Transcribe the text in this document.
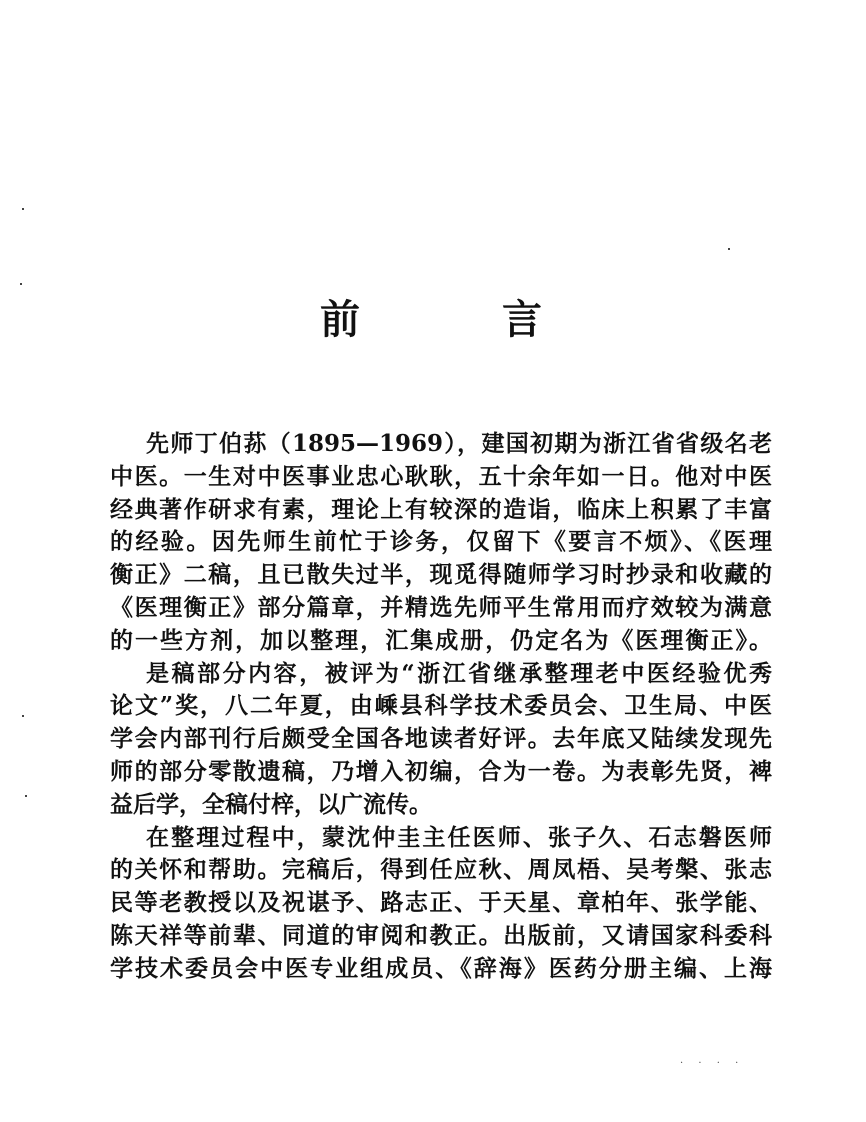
前	言
先师丁伯荪（1895—1969），建国初期为浙江省省级名老
中医。一生对中医事业忠心耿耿，五十余年如一日。他对中医
经典著作研求有素，理论上有较深的造诣，临床上积累了丰富
的经验。因先师生前忙于诊务，仅留下《要言不烦》、《医理
衡正》二稿，且已散失过半，现觅得随师学习时抄录和收藏的
《医理衡正》部分篇章，并精选先师平生常用而疗效较为满意
的一些方剂，加以整理，汇集成册，仍定名为《医理衡正》。
是稿部分内容，被评为“浙江省继承整理老中医经验优秀
论文”奖，八二年夏，由嵊县科学技术委员会、卫生局、中医
学会内部刊行后颇受全国各地读者好评。去年底又陆续发现先
师的部分零散遗稿，乃增入初编，合为一卷。为表彰先贤，裨
益后学，全稿付梓，以广流传。
在整理过程中，蒙沈仲圭主任医师、张子久、石志磐医师
的关怀和帮助。完稿后，得到任应秋、周凤梧、吴考槃、张志
民等老教授以及祝谌予、路志正、于天星、章柏年、张学能、
陈天祥等前辈、同道的审阅和教正。出版前，又请国家科委科
学技术委员会中医专业组成员、《辞海》医药分册主编、上海
· · · ·
